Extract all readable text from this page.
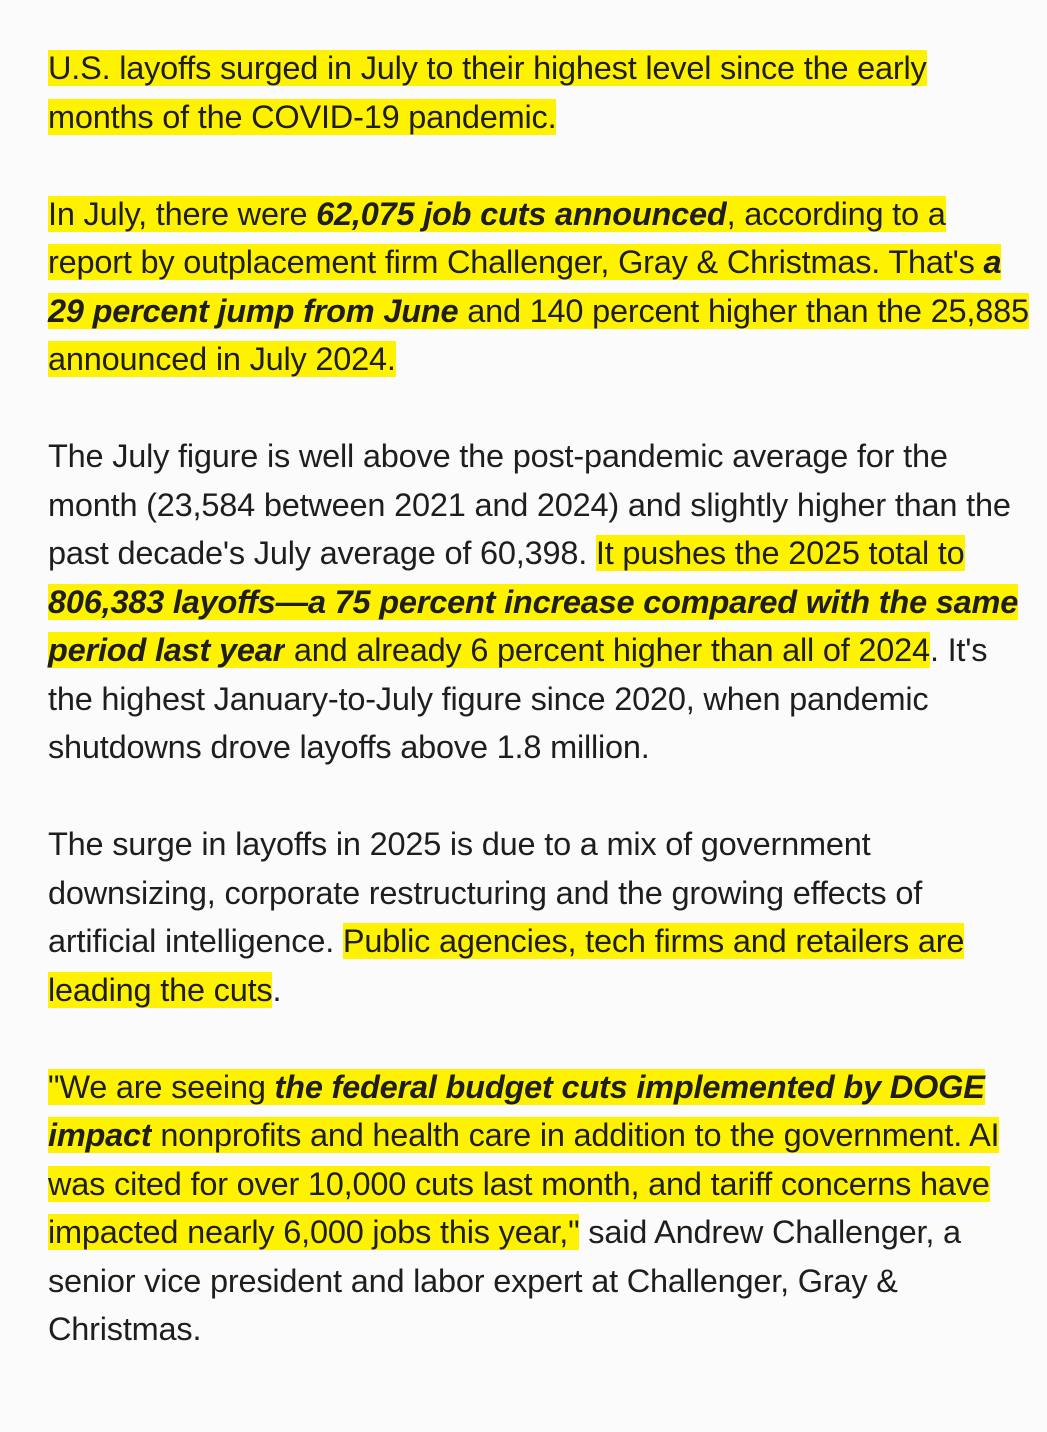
U.S. layoffs surged in July to their highest level since the early months of the COVID-19 pandemic.

In July, there were 62,075 job cuts announced, according to a report by outplacement firm Challenger, Gray & Christmas. That's a 29 percent jump from June and 140 percent higher than the 25,885 announced in July 2024.

The July figure is well above the post-pandemic average for the month (23,584 between 2021 and 2024) and slightly higher than the past decade's July average of 60,398. It pushes the 2025 total to 806,383 layoffs—a 75 percent increase compared with the same period last year and already 6 percent higher than all of 2024. It's the highest January-to-July figure since 2020, when pandemic shutdowns drove layoffs above 1.8 million.

The surge in layoffs in 2025 is due to a mix of government downsizing, corporate restructuring and the growing effects of artificial intelligence. Public agencies, tech firms and retailers are leading the cuts.

"We are seeing the federal budget cuts implemented by DOGE impact nonprofits and health care in addition to the government. AI was cited for over 10,000 cuts last month, and tariff concerns have impacted nearly 6,000 jobs this year," said Andrew Challenger, a senior vice president and labor expert at Challenger, Gray & Christmas.
